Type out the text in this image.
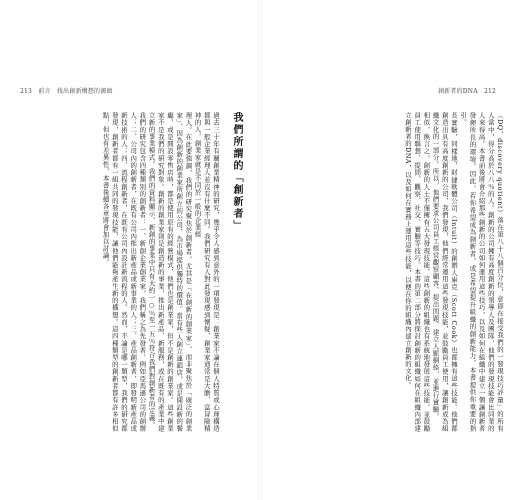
213　前言　找出創新構想的源頭
我們所謂的「創新者」
過去三十年有關創業精神的研究，幾乎令人感到意外的一項發現是：創業家不論在個人特質或心理構造都與一般企業經理人並沒有什麼不同。我們研究有人對此發現感到懷疑，創業家通常是大膽、富冒險精神的人，創業家就是不同於一般的企業經
理人。在此要強調，我們的研究聚焦於創新者，尤其是「在創新的創業家」，而非聚焦於「廣泛的創業家」，因為創新的創業家所創立的公司，為市場提供獨特的價值。當有些人創立連鎖店，或是開設新的餐廳，或是開設零售店時，都是使用原有的經營模式，他們也是創業家，但不是創新的創業家。這些創業家不是我們的研究對象。創新的創業家則是創造新的事業，推出新產品、新服務，或在既有的產業中建立新的事業模式。我們的資料顯示，新創的事業中只有大約一○％至一五％符合我們對創新者的定義。
我們的研究包含四種類別的創新者：一、新創企業創業家，我們稱之為先發者，例如亞馬遜公司的創辦人；二、公司內的創新者，在既有公司內推出新產品或新事業的人；三、產品創新者，即發明新產品或新技術的人；四、流程創新者，在既有公司內設計新流程的人。然而，不論是哪一類型，我們的研究都發現，創新者都有一組共同的發現技能，讓他們能夠產生新的構想。這四種類型的創新者都有許多相似點，但也有差異性，本書後續各章將會加以討論。
創新者的DNA　212
（DQ，discovery quotient）落在第八十八個百分位，意即在接受我們的一發現技巧評量」的所有人當中，得分高於八八％的人。創新的公司擁有高度創新的領導人及團隊，他們的發現技能會比同業的人來得高。本書前後將會介紹那些創新的公司如何運用這些技巧，以及如何在組織中建立一個讓創新者發揮所長的環境。因此，若你希望成為創新者，或是希望提升組織的創新能力，本書提供你重要的指引。
長實驗，同樣地，財捷軟體公司（Intuit）的創辦人庫克（Scott Cook）也都擁有這些技能。他們都創造出具有高度創新的公司，我們發現，他們經常運用這些發現技能，並鼓勵員工使用，讓創新成為組織文化的一部分。所以，他們要求公司員工經常觀察顧客、提出問題、建立人脈網絡，並進行實驗。
相似，換言之，創新的人士不僅擁有五大發現技能，這些創新的組織也有系統地發展這些技能，並鼓勵員工使用聯想、提問、觀察、社交、實驗等技巧。本書的第二部分將探討創新的組織如何在組織內部建立創新者的DNA，以及如何在實務上運用這些技能，以便在你的組織內建立創新的文化。
